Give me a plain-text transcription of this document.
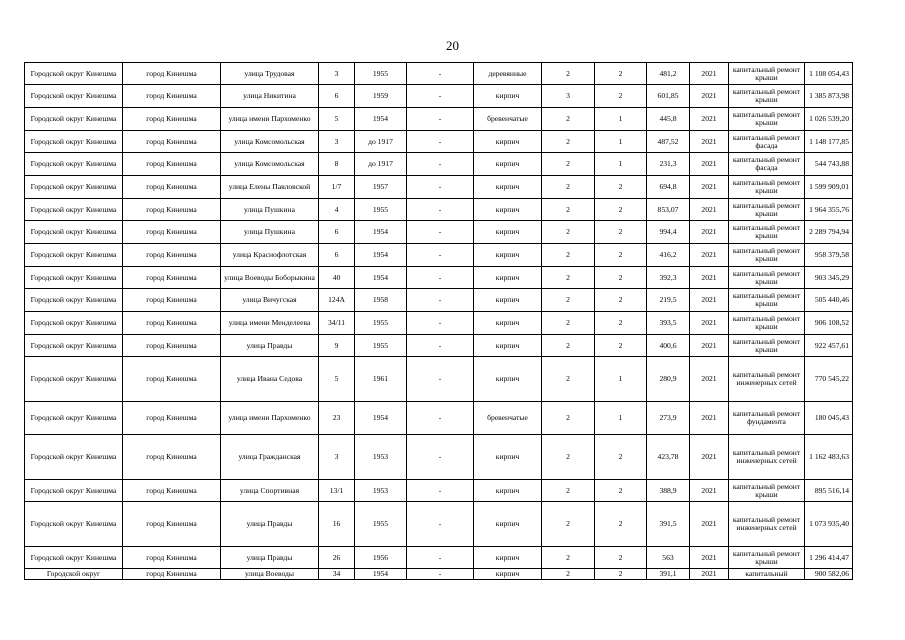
20
Городской округ Кинешма	город Кинешма	улица Трудовая	3	1955	-	деревянные	2	2	481,2	2021	капитальный ремонт крыши	1 108 054,43
Городской округ Кинешма	город Кинешма	улица Никитина	6	1959	-	кирпич	3	2	601,85	2021	капитальный ремонт крыши	1 385 873,98
Городской округ Кинешма	город Кинешма	улица имени Пархоменко	5	1954	-	бревенчатые	2	1	445,8	2021	капитальный ремонт крыши	1 026 539,20
Городской округ Кинешма	город Кинешма	улица Комсомольская	3	до 1917	-	кирпич	2	1	487,52	2021	капитальный ремонт фасада	1 148 177,85
Городской округ Кинешма	город Кинешма	улица Комсомольская	8	до 1917	-	кирпич	2	1	231,3	2021	капитальный ремонт фасада	544 743,88
Городской округ Кинешма	город Кинешма	улица Елены Павловской	1/7	1957	-	кирпич	2	2	694,8	2021	капитальный ремонт крыши	1 599 909,01
Городской округ Кинешма	город Кинешма	улица Пушкина	4	1955	-	кирпич	2	2	853,07	2021	капитальный ремонт крыши	1 964 355,76
Городской округ Кинешма	город Кинешма	улица Пушкина	6	1954	-	кирпич	2	2	994,4	2021	капитальный ремонт крыши	2 289 794,94
Городской округ Кинешма	город Кинешма	улица Краснофлотская	6	1954	-	кирпич	2	2	416,2	2021	капитальный ремонт крыши	958 379,58
Городской округ Кинешма	город Кинешма	улица Воеводы Боборыкина	40	1954	-	кирпич	2	2	392,3	2021	капитальный ремонт крыши	903 345,29
Городской округ Кинешма	город Кинешма	улица Вичугская	124А	1958	-	кирпич	2	2	219,5	2021	капитальный ремонт крыши	505 440,46
Городской округ Кинешма	город Кинешма	улица имени Менделеева	34/11	1955	-	кирпич	2	2	393,5	2021	капитальный ремонт крыши	906 108,52
Городской округ Кинешма	город Кинешма	улица Правды	9	1955	-	кирпич	2	2	400,6	2021	капитальный ремонт крыши	922 457,61
Городской округ Кинешма	город Кинешма	улица Ивана Седова	5	1961	-	кирпич	2	1	280,9	2021	капитальный ремонт инженерных сетей	770 545,22
Городской округ Кинешма	город Кинешма	улица имени Пархоменко	23	1954	-	бревенчатые	2	1	273,9	2021	капитальный ремонт фундамента	180 045,43
Городской округ Кинешма	город Кинешма	улица Гражданская	3	1953	-	кирпич	2	2	423,78	2021	капитальный ремонт инженерных сетей	1 162 483,63
Городской округ Кинешма	город Кинешма	улица Спортивная	13/1	1953	-	кирпич	2	2	388,9	2021	капитальный ремонт крыши	895 516,14
Городской округ Кинешма	город Кинешма	улица Правды	16	1955	-	кирпич	2	2	391,5	2021	капитальный ремонт инженерных сетей	1 073 935,40
Городской округ Кинешма	город Кинешма	улица Правды	26	1956	-	кирпич	2	2	563	2021	капитальный ремонт крыши	1 296 414,47
Городской округ	город Кинешма	улица Воеводы	34	1954	-	кирпич	2	2	391,1	2021	капитальный	900 582,06
